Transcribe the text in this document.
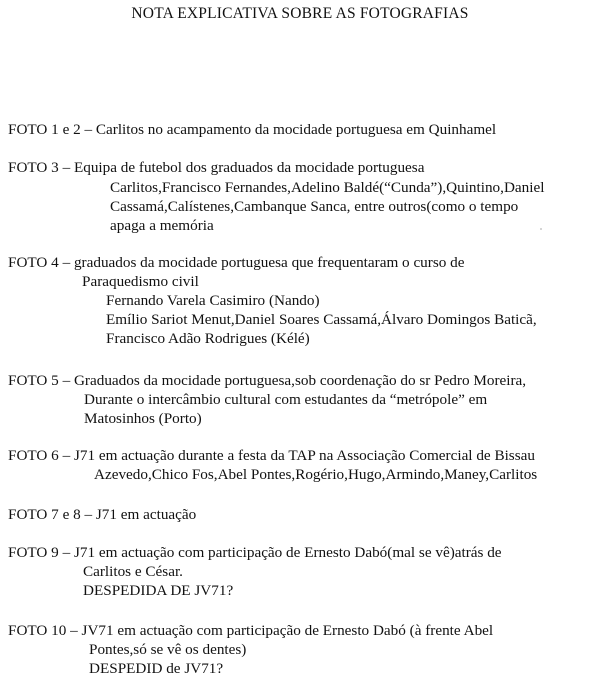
NOTA EXPLICATIVA SOBRE AS FOTOGRAFIAS
FOTO 1 e 2 – Carlitos no acampamento da mocidade portuguesa em Quinhamel
FOTO 3 – Equipa de futebol dos graduados da mocidade portuguesa
Carlitos,Francisco Fernandes,Adelino Baldé(“Cunda”),Quintino,Daniel
Cassamá,Calístenes,Cambanque Sanca, entre outros(como o tempo
apaga a memória
FOTO 4 – graduados da mocidade portuguesa que frequentaram o curso de
Paraquedismo civil
Fernando Varela Casimiro (Nando)
Emílio Sariot Menut,Daniel Soares Cassamá,Álvaro Domingos Baticã,
Francisco Adão Rodrigues (Kélé)
FOTO 5 – Graduados da mocidade portuguesa,sob coordenação do sr Pedro Moreira,
Durante o intercâmbio cultural com estudantes da “metrópole” em
Matosinhos (Porto)
FOTO 6 – J71 em actuação durante a festa da TAP na Associação Comercial de Bissau
Azevedo,Chico Fos,Abel Pontes,Rogério,Hugo,Armindo,Maney,Carlitos
FOTO 7 e 8 – J71 em actuação
FOTO 9 – J71 em actuação com participação de Ernesto Dabó(mal se vê)atrás de
Carlitos e César.
DESPEDIDA DE JV71?
FOTO 10 – JV71 em actuação com participação de Ernesto Dabó (à frente Abel
Pontes,só se vê os dentes)
DESPEDID de JV71?
